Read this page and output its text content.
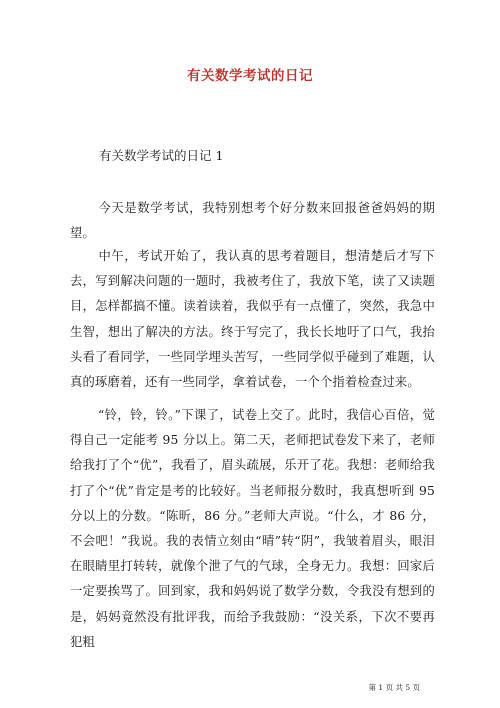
有关数学考试的日记
有关数学考试的日记 1

今天是数学考试，我特别想考个好分数来回报爸爸妈妈的期望。

中午，考试开始了，我认真的思考着题目，想清楚后才写下去，写到解决问题的一题时，我被考住了，我放下笔，读了又读题目，怎样都搞不懂。读着读着，我似乎有一点懂了，突然，我急中生智，想出了解决的方法。终于写完了，我长长地吁了口气，我抬头看了看同学，一些同学埋头苦写，一些同学似乎碰到了难题，认真的琢磨着，还有一些同学，拿着试卷，一个个指着检查过来。

“铃，铃，铃。”下课了，试卷上交了。此时，我信心百倍，觉得自己一定能考 95 分以上。第二天，老师把试卷发下来了，老师给我打了个“优”，我看了，眉头疏展，乐开了花。我想：老师给我打了个“优”肯定是考的比较好。当老师报分数时，我真想听到 95 分以上的分数。“陈昕，86 分。”老师大声说。“什么，才 86 分，不会吧！”我说。我的表情立刻由“晴”转“阴”，我皱着眉头，眼泪在眼睛里打转转，就像个泄了气的气球，全身无力。我想：回家后一定要挨骂了。回到家，我和妈妈说了数学分数，令我没有想到的是，妈妈竟然没有批评我，而给予我鼓励：“没关系，下次不要再犯粗

第 1 页 共 5 页
